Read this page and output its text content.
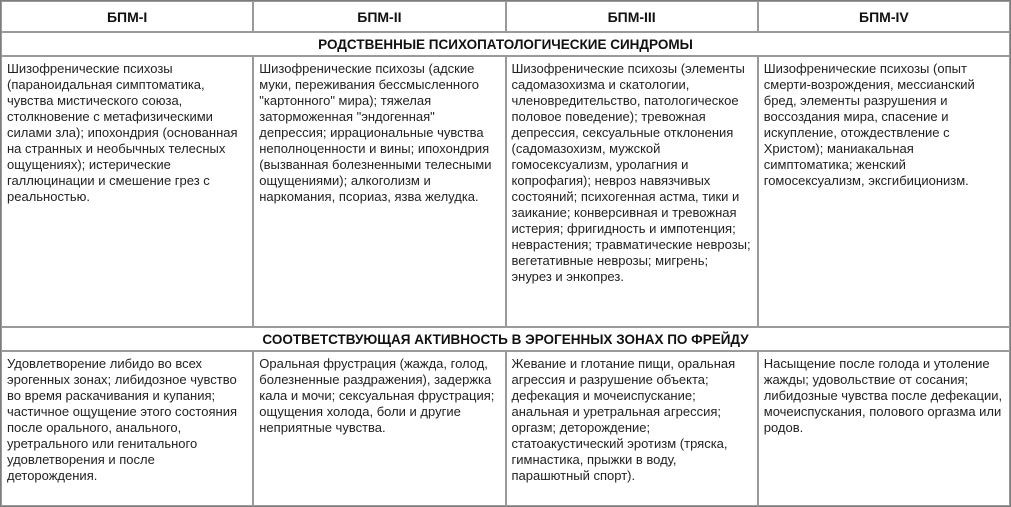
БПМ-I	БПМ-II	БПМ-III	БПМ-IV
РОДСТВЕННЫЕ ПСИХОПАТОЛОГИЧЕСКИЕ СИНДРОМЫ			
Шизофренические психозы (параноидальная симптоматика, чувства мистического союза, столкновение с метафизическими силами зла); ипохондрия (основанная на странных и необычных телесных ощущениях); истерические галлюцинации и смешение грез с реальностью.	Шизофренические психозы (адские муки, переживания бессмысленного "картонного" мира); тяжелая заторможенная "эндогенная" депрессия; иррациональные чувства неполноценности и вины; ипохондрия (вызванная болезненными телесными ощущениями); алкоголизм и наркомания, псориаз, язва желудка.	Шизофренические психозы (элементы садомазохизма и скатологии, членовредительство, патологическое половое поведение); тревожная депрессия, сексуальные отклонения (садомазохизм, мужской гомосексуализм, уролагния и копрофагия); невроз навязчивых состояний; психогенная астма, тики и заикание; конверсивная и тревожная истерия; фригидность и импотенция; неврастения; травматические неврозы; вегетативные неврозы; мигрень; энурез и энкопрез.	Шизофренические психозы (опыт смерти-возрождения, мессианский бред, элементы разрушения и воссоздания мира, спасение и искупление, отождествление с Христом); маниакальная симптоматика; женский гомосексуализм, эксгибиционизм.
СООТВЕТСТВУЮЩАЯ АКТИВНОСТЬ В ЭРОГЕННЫХ ЗОНАХ ПО ФРЕЙДУ			
Удовлетворение либидо во всех эрогенных зонах; либидозное чувство во время раскачивания и купания; частичное ощущение этого состояния после орального, анального, уретрального или генитального удовлетворения и после деторождения.	Оральная фрустрация (жажда, голод, болезненные раздражения), задержка кала и мочи; сексуальная фрустрация; ощущения холода, боли и другие неприятные чувства.	Жевание и глотание пищи, оральная агрессия и разрушение объекта; дефекация и мочеиспускание; анальная и уретральная агрессия; оргазм; деторождение; статоакустический эротизм (тряска, гимнастика, прыжки в воду, парашютный спорт).	Насыщение после голода и утоление жажды; удовольствие от сосания; либидозные чувства после дефекации, мочеиспускания, полового оргазма или родов.
